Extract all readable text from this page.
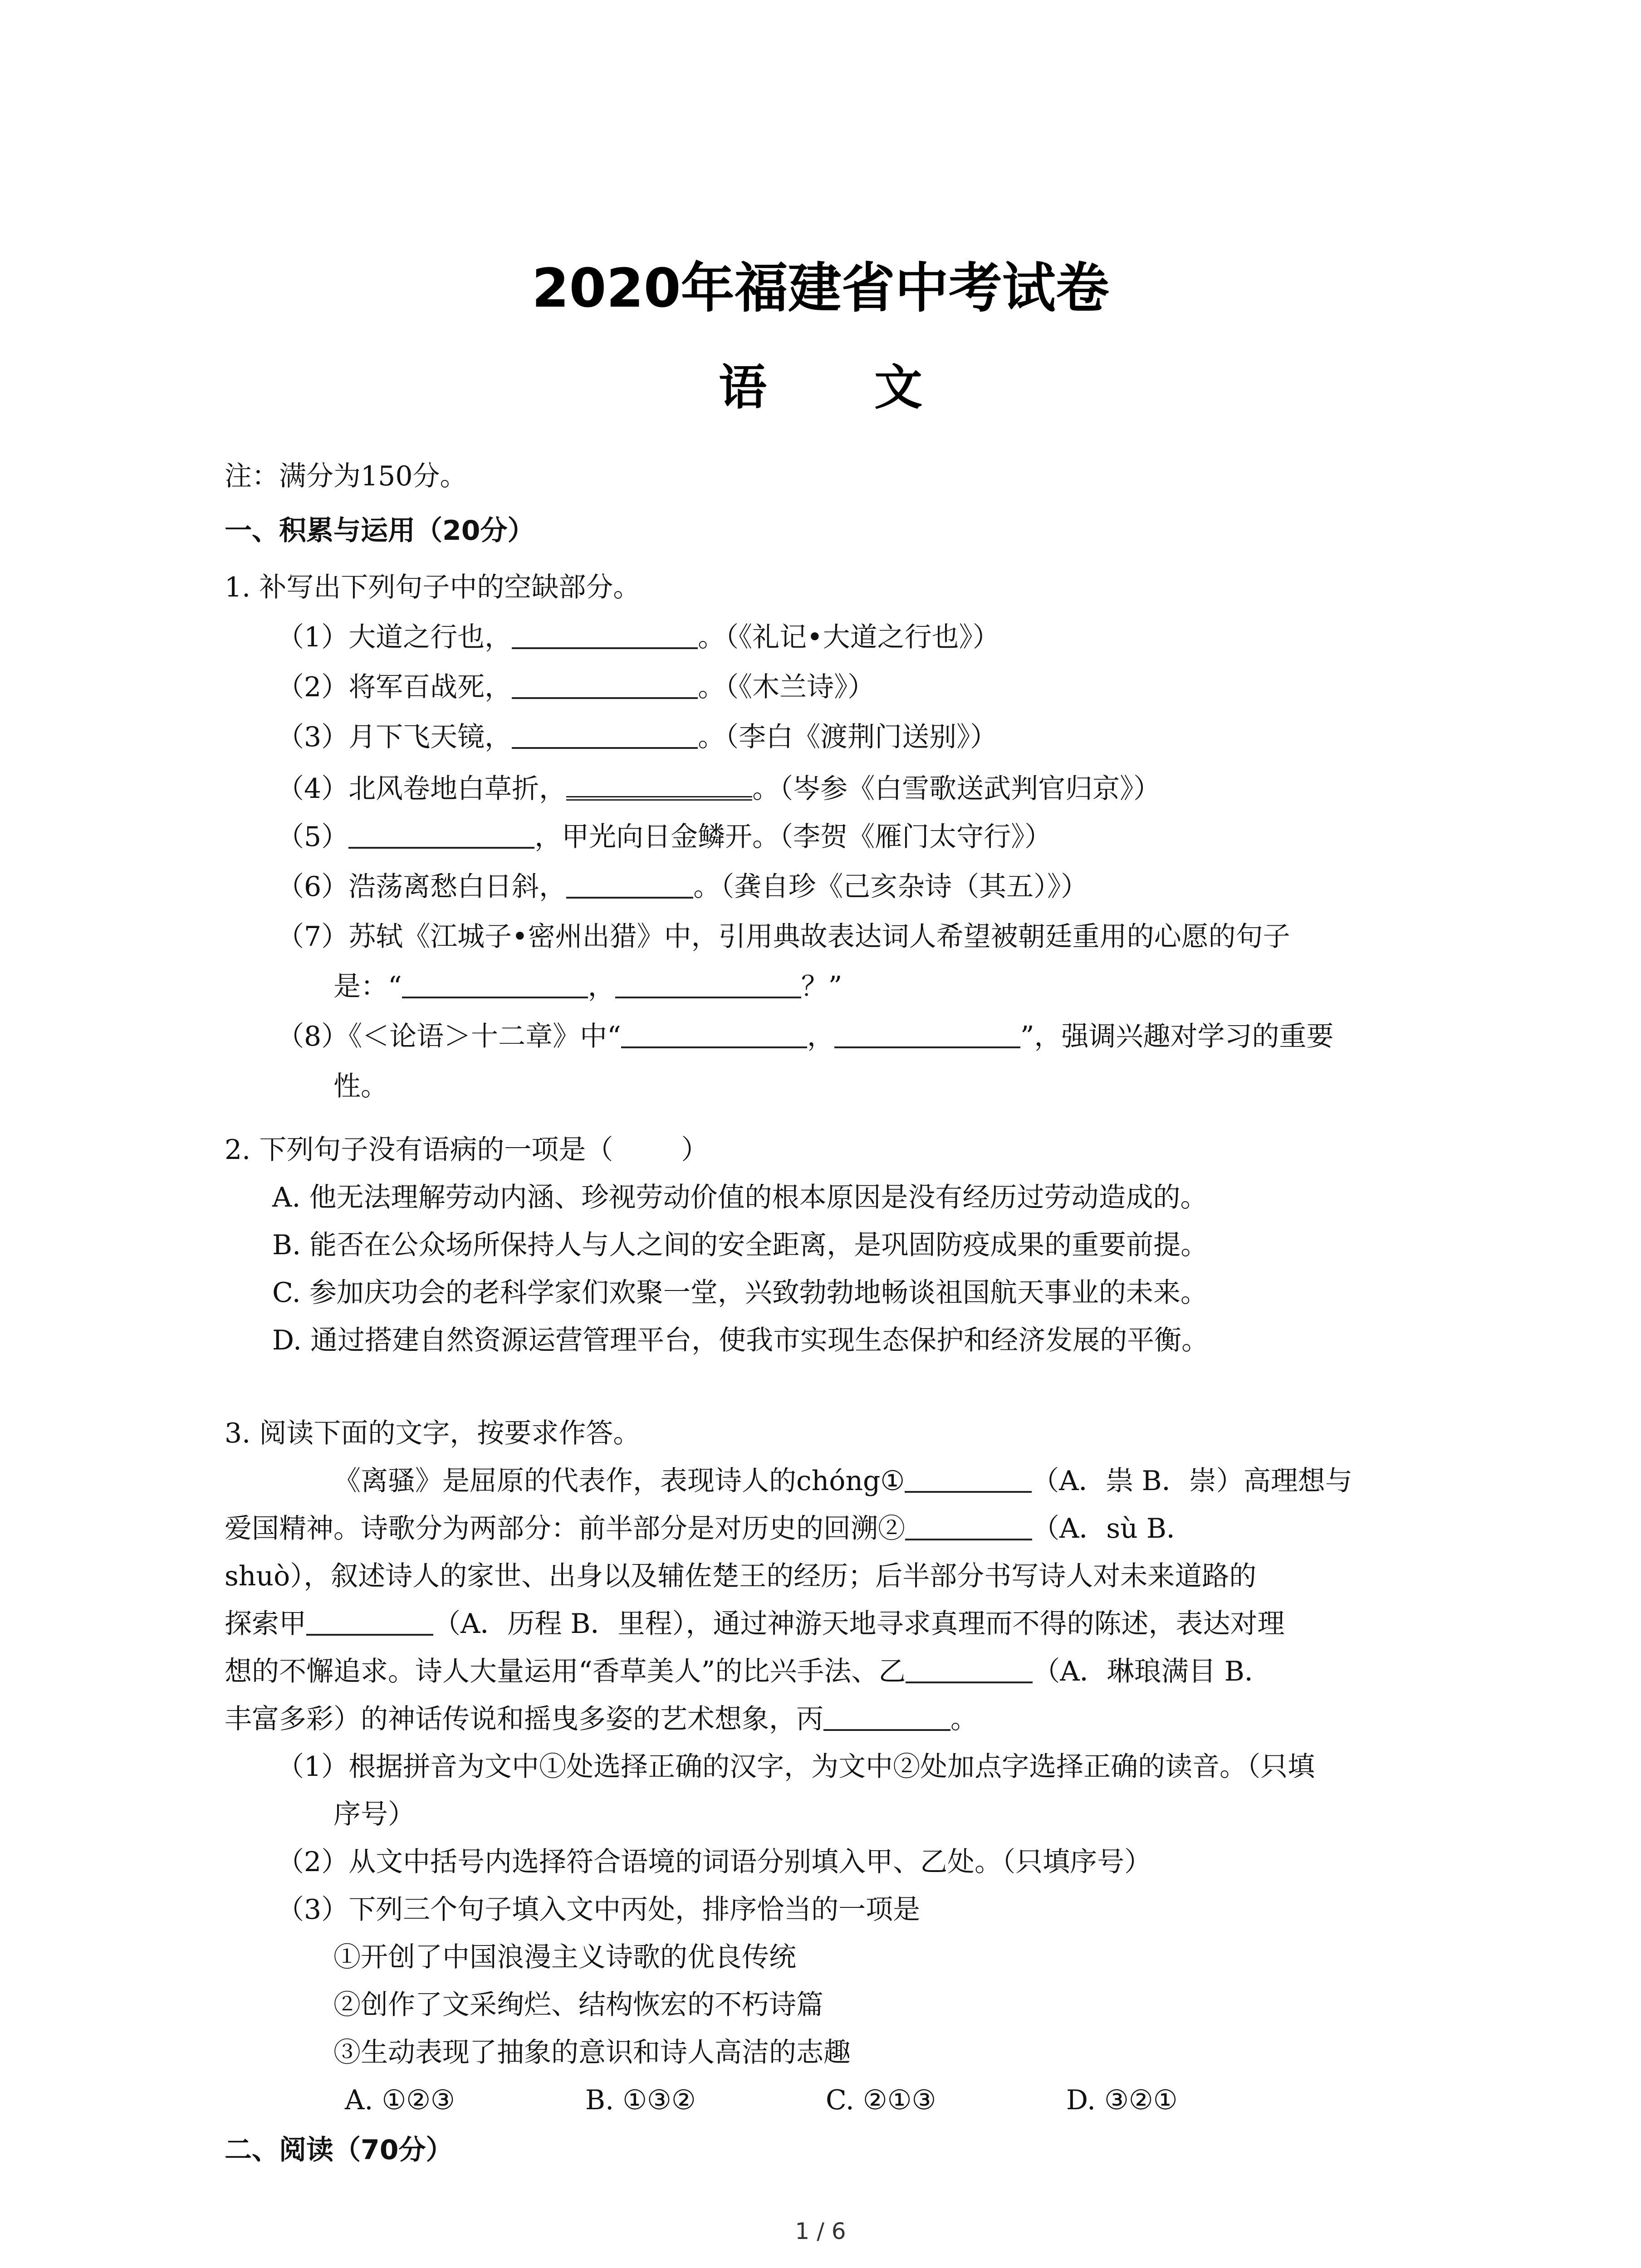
2020年福建省中考试卷
语 文
注：满分为150分。
一、积累与运用（20分）
1. 补写出下列句子中的空缺部分。
（1）大道之行也，	。（《礼记•大道之行也》）
（2）将军百战死，	。（《木兰诗》）
（3）月下飞天镜，	。（李白《渡荆门送别》）
（4）北风卷地白草折，	。（岑参《白雪歌送武判官归京》）
（5）	，甲光向日金鳞开。（李贺《雁门太守行》）
（6）浩荡离愁白日斜，	。（龚自珍《己亥杂诗（其五）》）
（7）苏轼《江城子•密州出猎》中，引用典故表达词人希望被朝廷重用的心愿的句子
是：“	，	？”
（8）《＜论语＞十二章》中“	，	”，强调兴趣对学习的重要
性。
2. 下列句子没有语病的一项是（	）
A. 他无法理解劳动内涵、珍视劳动价值的根本原因是没有经历过劳动造成的。
B. 能否在公众场所保持人与人之间的安全距离，是巩固防疫成果的重要前提。
C. 参加庆功会的老科学家们欢聚一堂，兴致勃勃地畅谈祖国航天事业的未来。
D. 通过搭建自然资源运营管理平台，使我市实现生态保护和经济发展的平衡。
3. 阅读下面的文字，按要求作答。
《离骚》是屈原的代表作，表现诗人的chóng①	（A．祟 B．崇）高理想与
爱国精神。诗歌分为两部分：前半部分是对历史的回溯②	（A．sù B．
shuò），叙述诗人的家世、出身以及辅佐楚王的经历；后半部分书写诗人对未来道路的
探索甲	（A．历程 B．里程），通过神游天地寻求真理而不得的陈述，表达对理
想的不懈追求。诗人大量运用“香草美人”的比兴手法、乙	（A．琳琅满目 B．
丰富多彩）的神话传说和摇曳多姿的艺术想象，丙	。
（1）根据拼音为文中①处选择正确的汉字，为文中②处加点字选择正确的读音。（只填
序号）
（2）从文中括号内选择符合语境的词语分别填入甲、乙处。（只填序号）
（3）下列三个句子填入文中丙处，排序恰当的一项是
①开创了中国浪漫主义诗歌的优良传统
②创作了文采绚烂、结构恢宏的不朽诗篇
③生动表现了抽象的意识和诗人高洁的志趣
A. ①②③	B. ①③②	C. ②①③	D. ③②①
二、阅读（70分）
1 / 6
